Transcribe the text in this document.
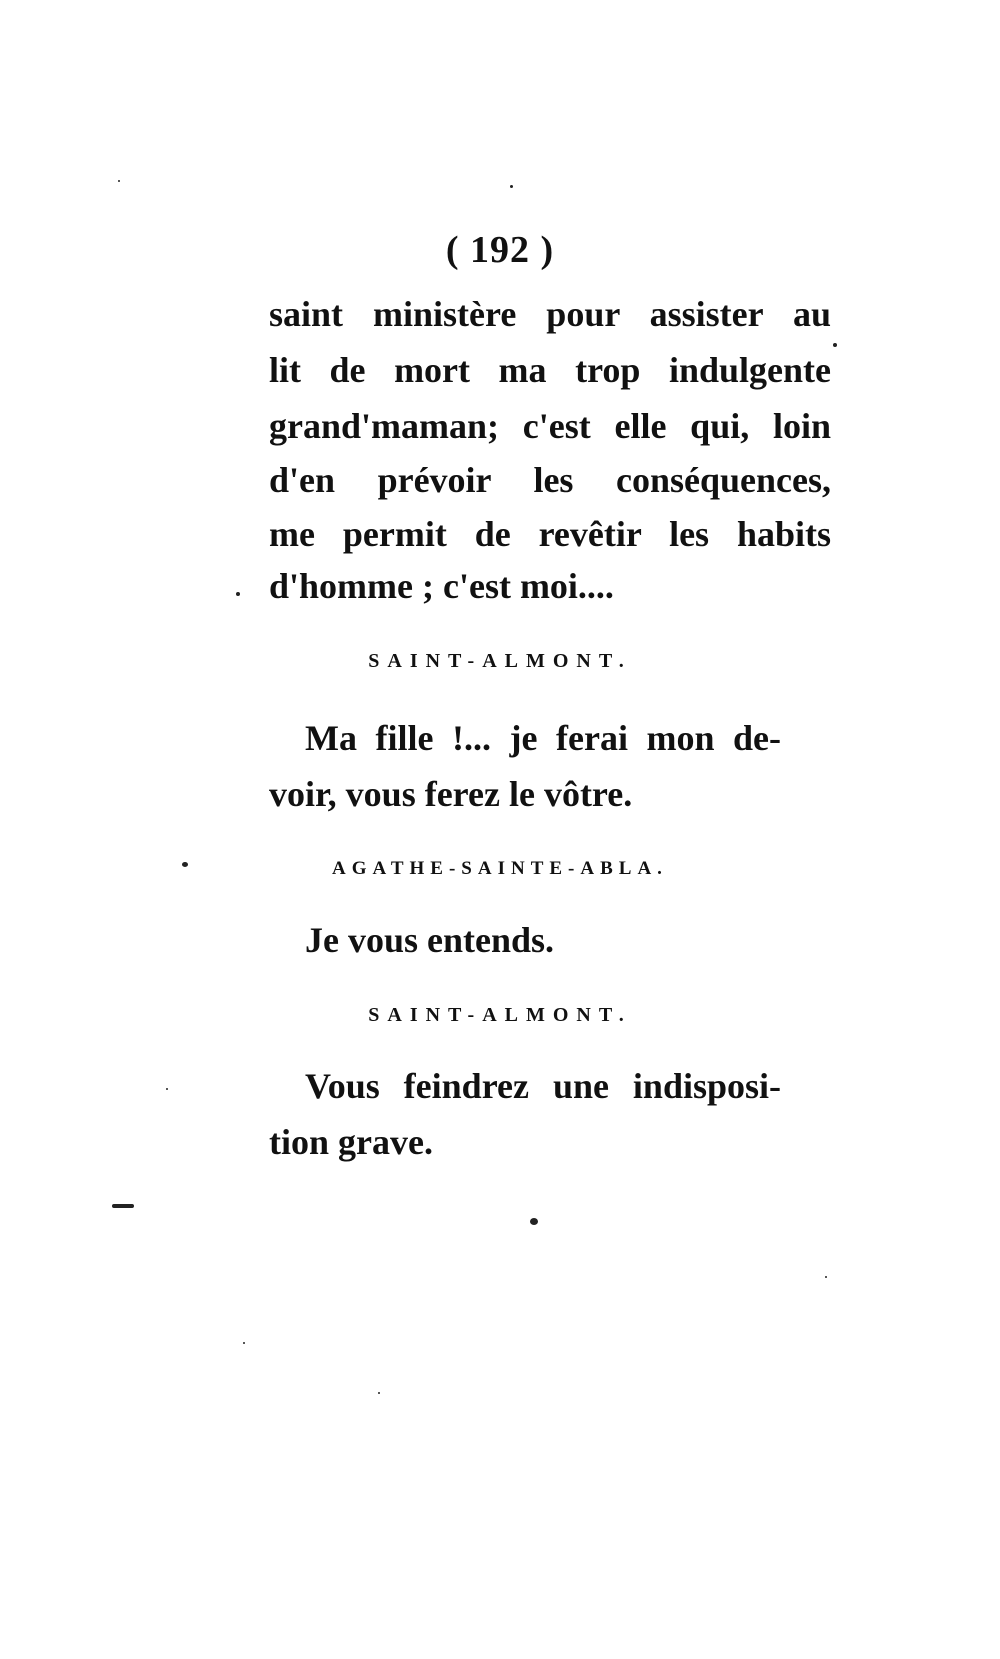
( 192 )
saint ministère pour assister au
lit de mort ma trop indulgente
grand'maman; c'est elle qui, loin
d'en prévoir les conséquences,
me permit de revêtir les habits
d'homme ; c'est moi....
SAINT-ALMONT.
Ma fille !... je ferai mon de-
voir, vous ferez le vôtre.
AGATHE-SAINTE-ABLA.
Je vous entends.
SAINT-ALMONT.
Vous feindrez une indisposi-
tion grave.
